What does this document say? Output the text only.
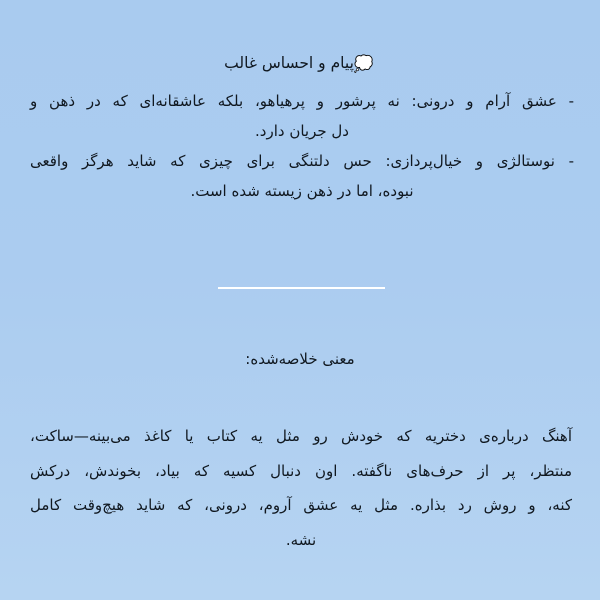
💭پیام و احساس غالب
- عشق آرام و درونی: نه پرشور و پرهیاهو، بلکه عاشقانه‌ای که در ذهن و
دل جریان دارد.
- نوستالژی و خیال‌پردازی: حس دلتنگی برای چیزی که شاید هرگز واقعی
نبوده، اما در ذهن زیسته شده است.
معنی خلاصه‌شده:
آهنگ درباره‌ی دختریه که خودش رو مثل یه کتاب یا کاغذ می‌بینه—ساکت،
منتظر، پر از حرف‌های ناگفته. اون دنبال کسیه که بیاد، بخوندش، درکش
کنه، و روش رد بذاره. مثل یه عشق آروم، درونی، که شاید هیچ‌وقت کامل
نشه.
